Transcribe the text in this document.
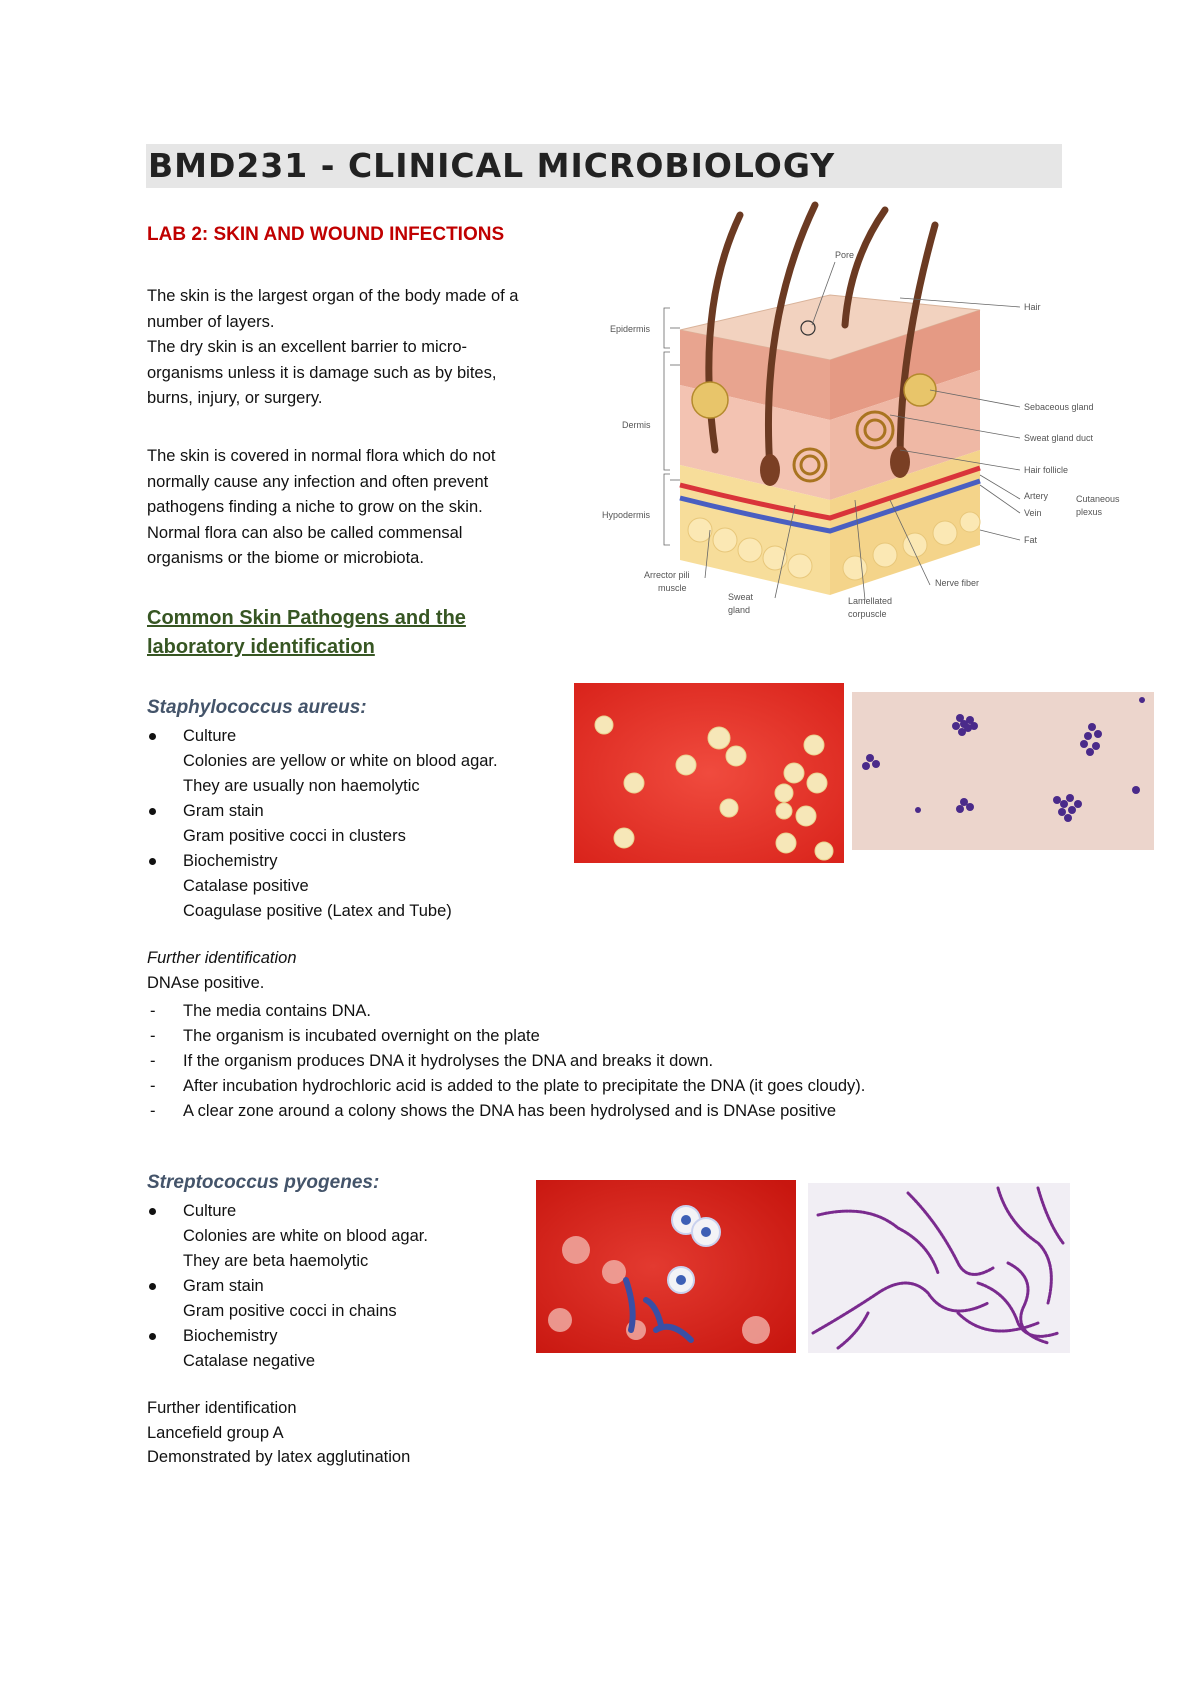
BMD231 - CLINICAL MICROBIOLOGY
LAB 2: SKIN AND WOUND INFECTIONS
The skin is the largest organ of the body made of a
number of layers.
The dry skin is an excellent barrier to micro-
organisms unless it is damage such as by bites,
burns, injury, or surgery.
The skin is covered in normal flora which do not
normally cause any infection and often prevent
pathogens finding a niche to grow on the skin.
Normal flora can also be called commensal
organisms or the biome or microbiota.
Pore
Hair
Epidermis
Dermis
Hypodermis
Sebaceous gland
Sweat gland duct
Hair follicle
Artery
Vein
Cutaneous
plexus
Fat
Arrector pili
muscle
Sweat
gland
Lamellated
corpuscle
Nerve fiber
Common Skin Pathogens and the
laboratory identification
Staphylococcus aureus:
Culture
Colonies are yellow or white on blood agar.
They are usually non haemolytic
Gram stain
Gram positive cocci in clusters
Biochemistry
Catalase positive
Coagulase positive (Latex and Tube)
Further identification
DNAse positive.
- The media contains DNA.
- The organism is incubated overnight on the plate
- If the organism produces DNA it hydrolyses the DNA and breaks it down.
- After incubation hydrochloric acid is added to the plate to precipitate the DNA (it goes cloudy).
- A clear zone around a colony shows the DNA has been hydrolysed and is DNAse positive
Streptococcus pyogenes:
Culture
Colonies are white on blood agar.
They are beta haemolytic
Gram stain
Gram positive cocci in chains
Biochemistry
Catalase negative
Further identification
Lancefield group A
Demonstrated by latex agglutination
